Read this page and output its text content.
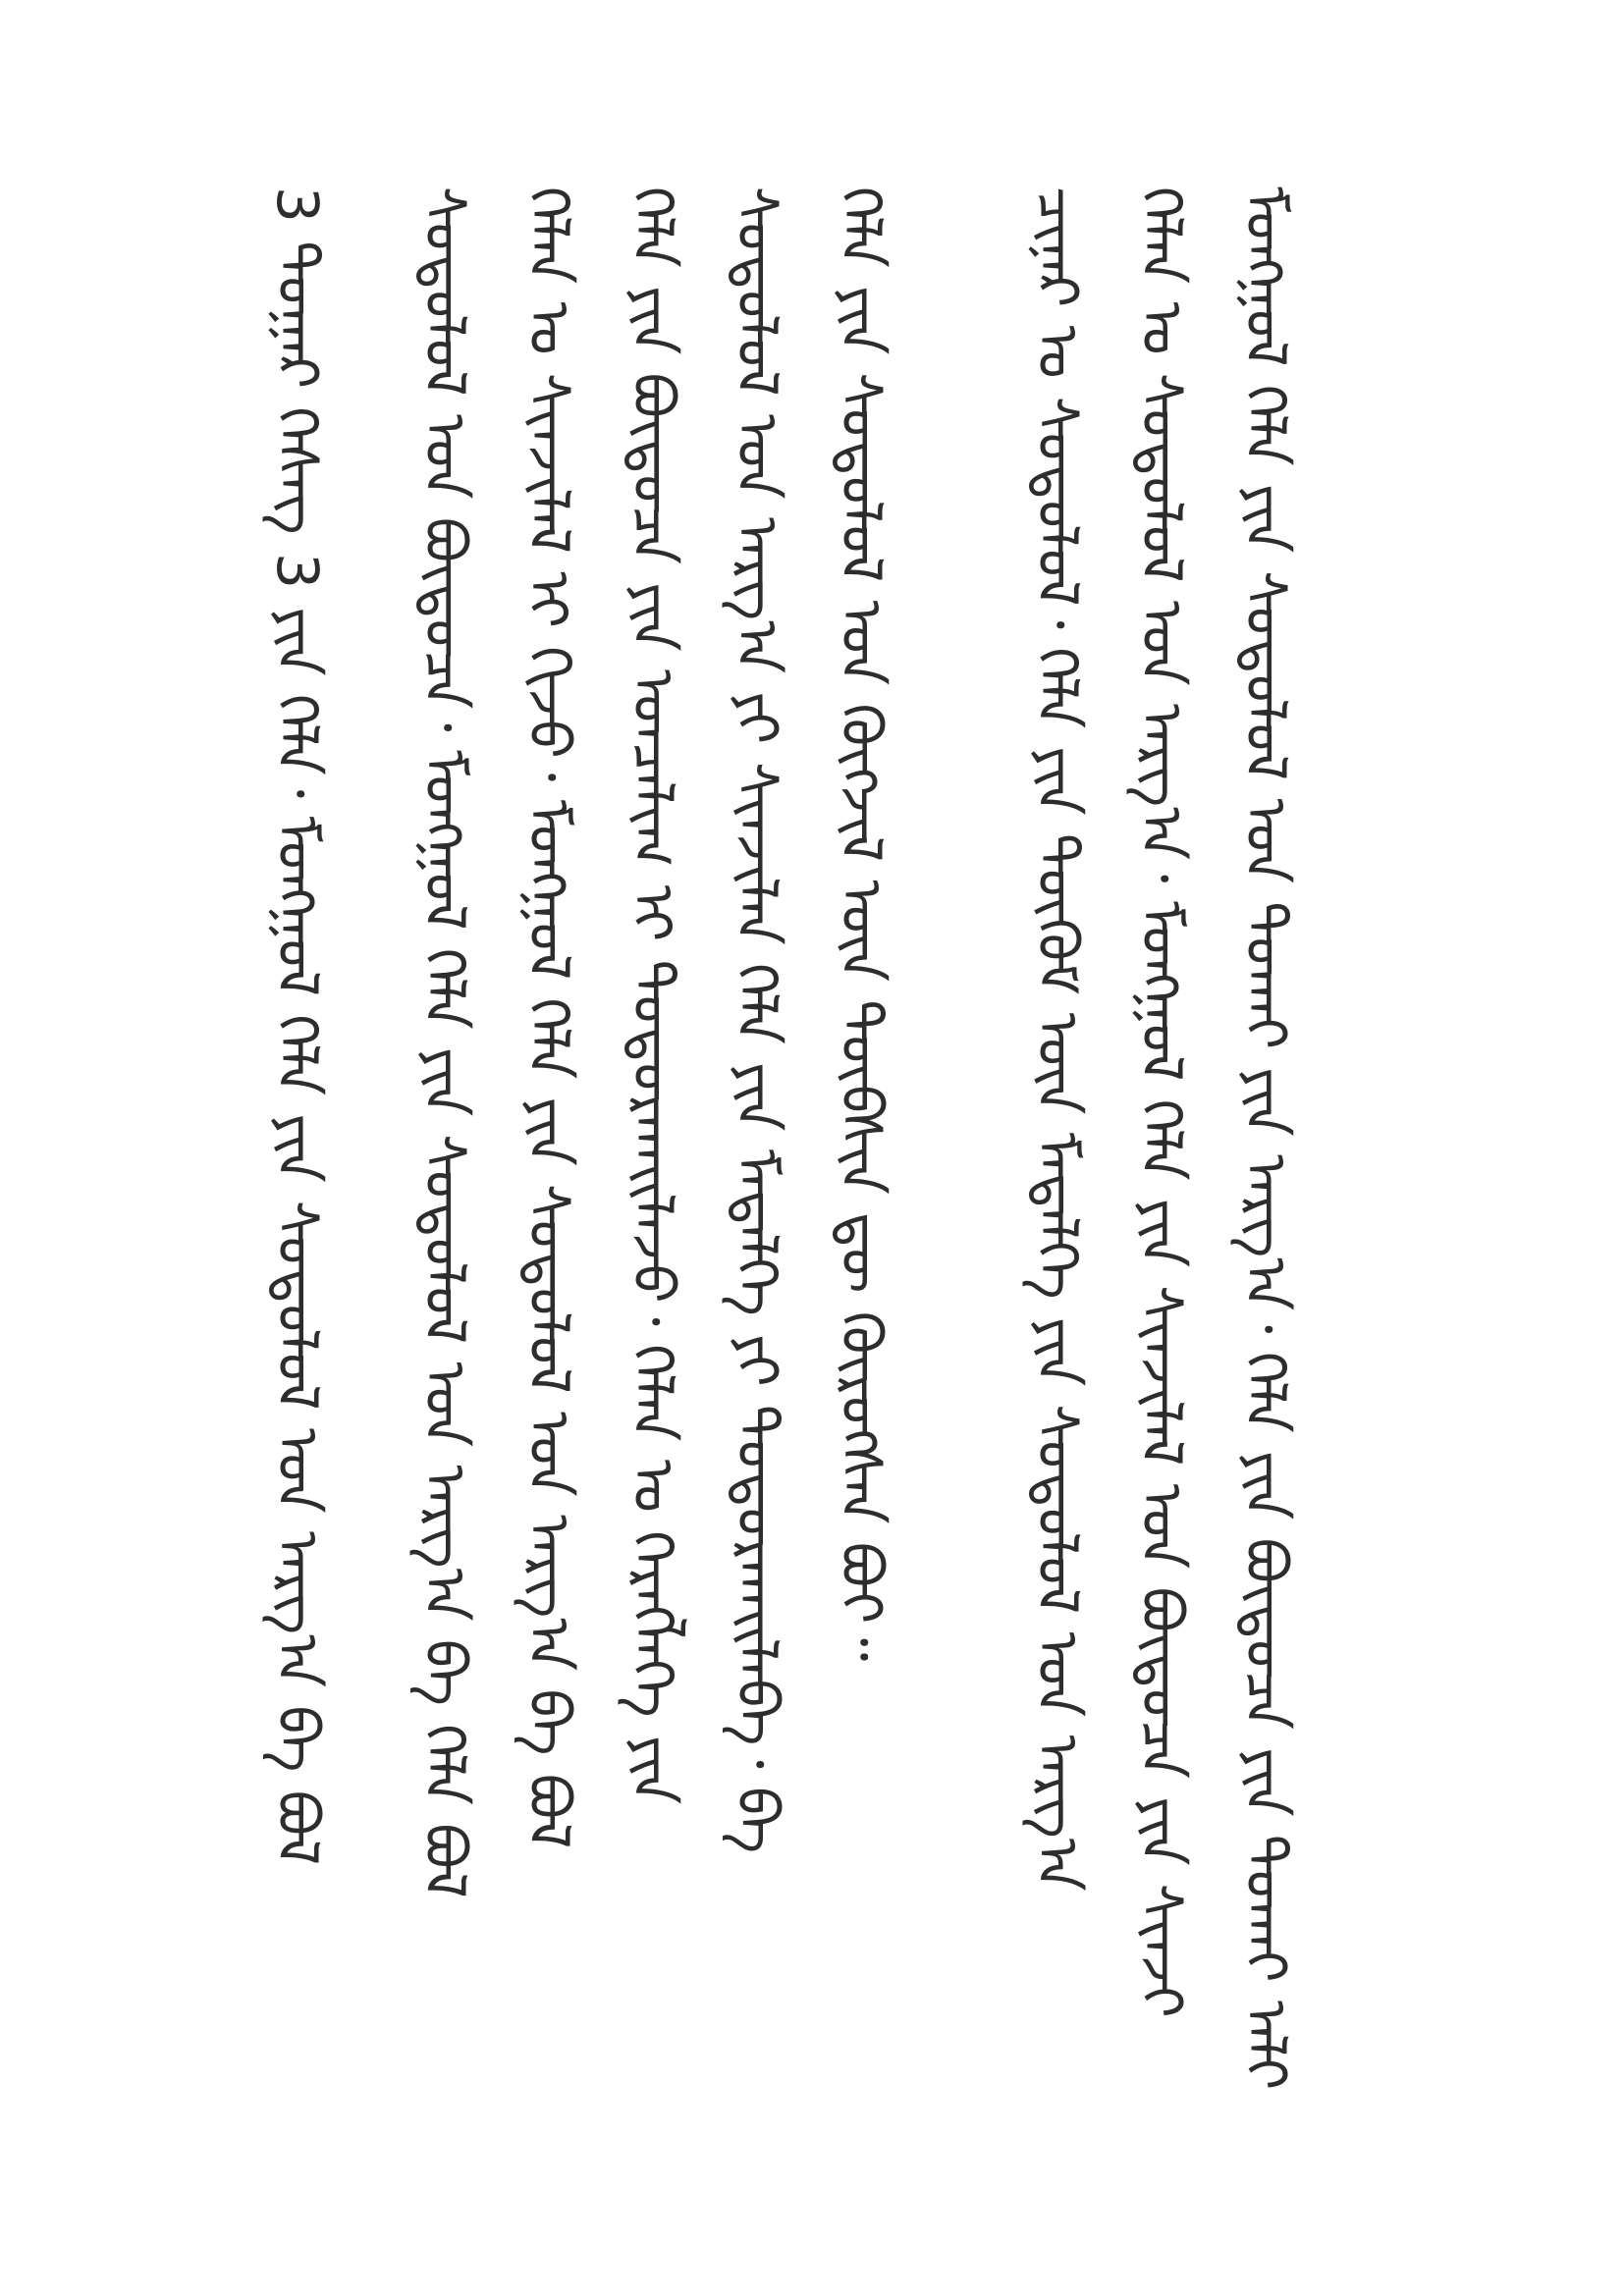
ᠮᠣᠩᠭᠣᠯ ᠬᠡᠯᠡ ᠶᠢᠨ ᠰᠤᠳᠤᠯᠤᠯ ᠤᠨ ᠲᠣᠬᠠᠢ ᠶᠢᠨ ᠠᠷᠭ᠎ᠠ᠂ ᠬᠡᠯᠡ ᠶᠢᠨ ᠪᠦᠲᠦᠴᠡ ᠶᠢᠨ ᠲᠣᠬᠠᠢ ᠠᠯᠢ
ᠬᠡᠯᠡᠨ ᠤ ᠰᠤᠳᠤᠯᠤᠯ ᠤᠨ ᠠᠷᠭ᠎ᠠ᠂ ᠮᠣᠩᠭᠣᠯ ᠬᠡᠯᠡ ᠶᠢᠨ ᠰᠢᠨᠵᠢᠯᠡᠯ ᠤᠨ ᠪᠦᠲᠦᠴᠡ ᠶᠢᠨ ᠰᠢᠨᠵᠢ
ᠴᠢᠨᠠᠷ ᠤ ᠰᠤᠳᠤᠯᠤᠯ᠂ ᠬᠡᠯᠡ ᠶᠢᠨ ᠲᠥᠬᠦᠮ ᠦᠨ ᠮᠡᠳᠡᠯᠭᠡ ᠶᠢᠨ ᠰᠤᠳᠤᠯᠤᠯ ᠤᠨ ᠠᠷᠭ᠎ᠠ
ᠬᠡᠯᠡ ᠶᠢᠨ ᠰᠤᠳᠤᠯᠤᠯ ᠤᠨ ᠬᠥᠭᠵᠢᠯ ᠦᠨ ᠲᠦᠪᠰᠢᠨ ᠳᠦ ᠬᠦᠷᠦᠭᠰᠡᠨ ᠪᠤᠢ᠃
ᠰᠤᠳᠤᠯᠤᠯ ᠤᠨ ᠠᠷᠭ᠎ᠠ ᠶᠢ ᠰᠢᠨᠵᠢᠯᠡᠨ ᠬᠡᠯᠡ ᠶᠢᠨ ᠮᠡᠳᠡᠯᠭᠡ ᠶᠢ ᠲᠣᠳᠣᠷᠬᠠᠢᠯᠠᠪᠠ᠂ ᠪᠠ
ᠬᠡᠯᠡ ᠶᠢᠨ ᠪᠦᠲᠦᠴᠡ ᠶᠢᠨ ᠣᠨᠴᠠᠯᠢᠭ ᠢ ᠲᠣᠳᠣᠷᠬᠠᠢᠯᠠᠵᠤ᠂ ᠬᠡᠯᠡᠨ ᠤ ᠬᠡᠷᠡᠭᠯᠡᠭᠡ ᠶᠢᠨ
ᠬᠡᠯᠡᠨ ᠤ ᠰᠢᠨᠵᠢᠯᠡᠯ ᠢ ᠬᠢᠵᠦ᠂ ᠮᠣᠩᠭᠣᠯ ᠬᠡᠯᠡ ᠶᠢᠨ ᠰᠤᠳᠤᠯᠤᠯ ᠤᠨ ᠠᠷᠭ᠎ᠠ ᠪᠠ ᠪᠣᠯ
ᠰᠤᠳᠤᠯᠤᠯ ᠤᠨ ᠪᠦᠲᠦᠴᠡ᠂ ᠮᠣᠩᠭᠣᠯ ᠬᠡᠯᠡ ᠶᠢᠨ ᠰᠤᠳᠤᠯᠤᠯ ᠤᠨ ᠠᠷᠭ᠎ᠠ ᠪᠠ ᠬᠡᠯᠡ ᠪᠣᠯ
3 ᠳᠤᠭᠠᠷ ᠬᠡᠰᠡᠭ 3 ᠶᠢᠨ ᠬᠡᠯᠡ᠂ ᠮᠣᠩᠭᠣᠯ ᠬᠡᠯᠡ ᠶᠢᠨ ᠰᠤᠳᠤᠯᠤᠯ ᠤᠨ ᠠᠷᠭ᠎ᠠ ᠪᠠ ᠪᠣᠯ
